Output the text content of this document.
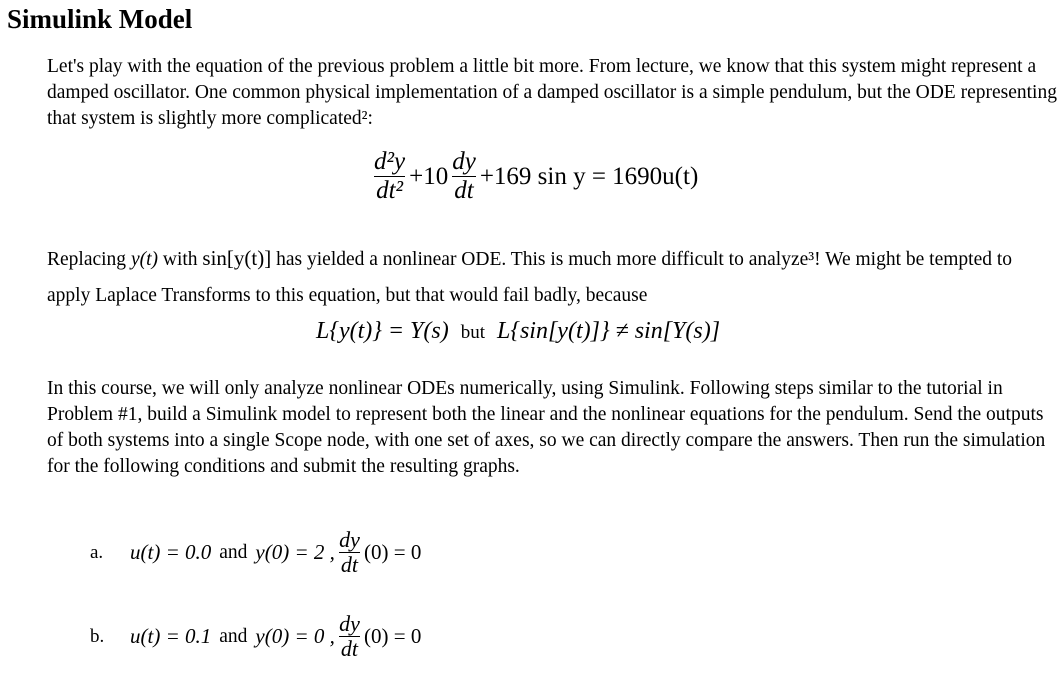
Simulink Model
Let's play with the equation of the previous problem a little bit more. From lecture, we know that this system might represent a damped oscillator. One common physical implementation of a damped oscillator is a simple pendulum, but the ODE representing that system is slightly more complicated²:
$\frac{\text{d²y}}{\text{dt²}} +10 \frac{dy}{dt} +169$ sin y = 1690u(t)
Replacing y(t) with sin[y(t)] has yielded a nonlinear ODE. This is much more difficult to analyze³! We might be tempted to apply Laplace Transforms to this equation, but that would fail badly, because
L{y(t)} = Y(s) but L{sin[y(t)]} ≠ sin[Y(s)]
In this course, we will only analyze nonlinear ODEs numerically, using Simulink. Following steps similar to the tutorial in Problem #1, build a Simulink model to represent both the linear and the nonlinear equations for the pendulum. Send the outputs of both systems into a single Scope node, with one set of axes, so we can directly compare the answers. Then run the simulation for the following conditions and submit the resulting graphs.
a.	u(t) = 0.0 and y(0) = 2 , $\frac{dy}{dt} (0) = 0$
b.	u(t) = 0.1 and y(0) = 0 , $\frac{dy}{dt} (0) = 0$
